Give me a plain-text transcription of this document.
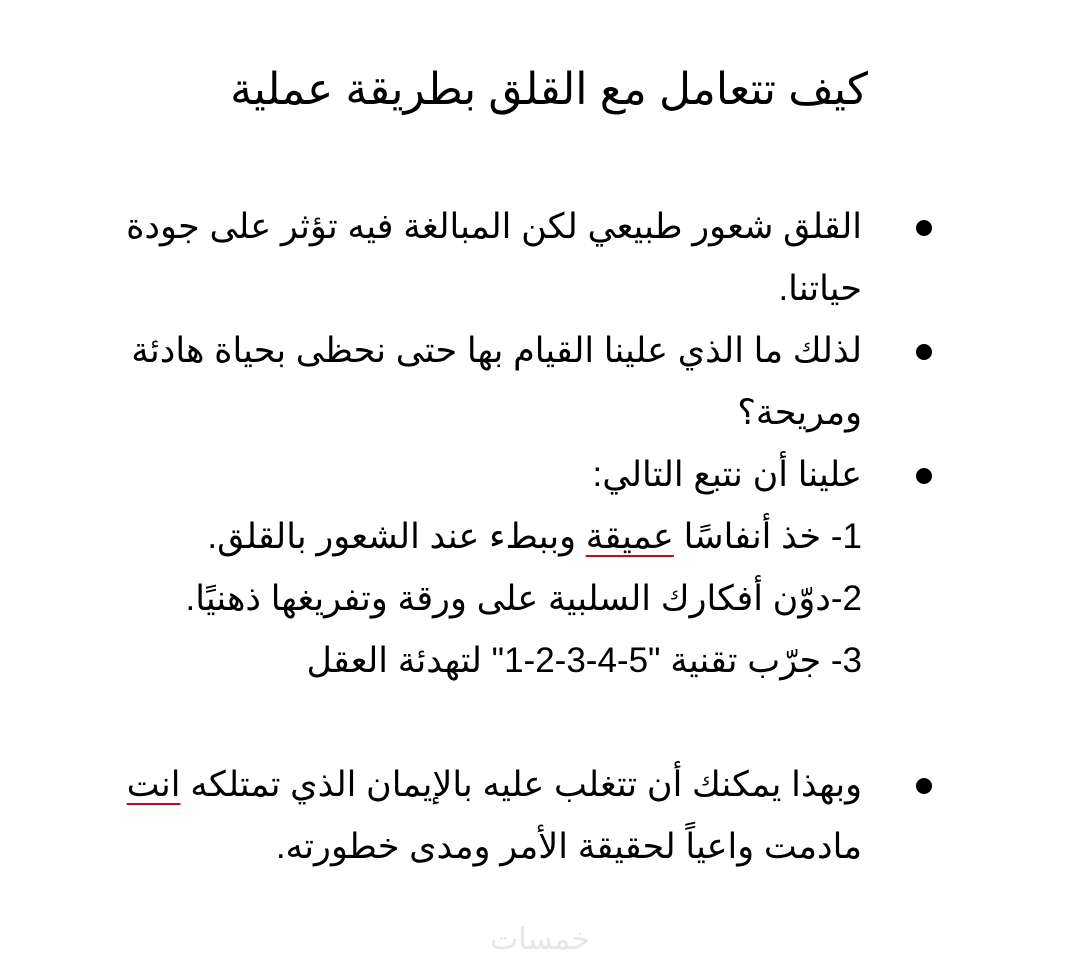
كيف تتعامل مع القلق بطريقة عملية
القلق شعور طبيعي لكن المبالغة فيه تؤثر على جودة
حياتنا.
لذلك ما الذي علينا القيام بها حتى نحظى بحياة هادئة
ومريحة؟
علينا أن نتبع التالي:
1- خذ أنفاسًا عميقة وببطء عند الشعور بالقلق.
2-دوّن أفكارك السلبية على ورقة وتفريغها ذهنيًا.
3- جرّب تقنية "5-4-3-2-1" لتهدئة العقل
وبهذا يمكنك أن تتغلب عليه بالإيمان الذي تمتلكه انت
مادمت واعياً لحقيقة الأمر ومدى خطورته.
خمسات
